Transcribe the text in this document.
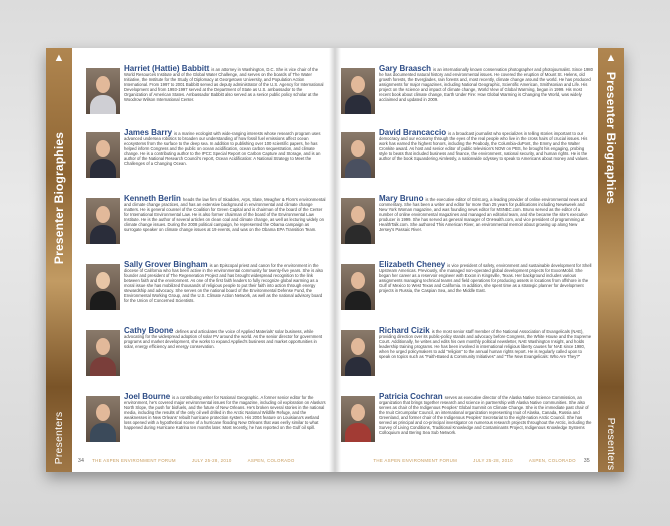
▲
Presenter Biographies
Presenters
Harriet (Hattie) Babbitt is an attorney in Washington, D.C. She is vice chair of the World Resources Institute and of the Global Water Challenge, and serves on the boards of The Water Initiative, the Institute for the Study of Diplomacy at Georgetown University, and Population Action International. From 1997 to 2001 Babbitt served as deputy administrator of the U.S. Agency for International Development and from 1993-1997 served at the Department of State as U.S. ambassador to the Organization of American States. Ambassador Babbitt also served as a senior public policy scholar at the Woodrow Wilson International Center.
James Barry is a marine ecologist with wide-ranging interests whose research program uses advanced undersea robotics to broaden our understanding of how fossil fuel emissions affect ocean ecosystems from the surface to the deep sea. In addition to publishing over 100 scientific papers, he has helped inform Congress and the public on ocean acidification, ocean carbon sequestration, and climate change. He is a contributing author to the IPCC Special Report on Carbon Capture and Storage, and is an author of the National Research Council's report, Ocean Acidification: A National Strategy to Meet the Challenges of a Changing Ocean.
Kenneth Berlin heads the law firm of Skadden, Arps, Slate, Meagher & Flom's environmental and climate change practices, and has an extensive background in environmental and climate change matters. He is general counsel of the Coalition for Green Capital and is chairman of the board of the Center for International Environmental Law. He is also former chairman of the board of the Environmental Law Institute. He is the author of several articles on clean coal and climate change, as well as lecturing widely on climate change issues. During the 2008 political campaign, he represented the Obama campaign as surrogate speaker on climate change issues at 19 events, and was on the Obama EPA Transition Team.
Sally Grover Bingham is an Episcopal priest and canon for the environment in the diocese of California who has been active in the environmental community for twenty-five years. She is also founder and president of The Regeneration Project and has brought widespread recognition to the link between faith and the environment. As one of the first faith leaders to fully recognize global warming as a moral issue she has mobilized thousands of religious people to put their faith into action through energy stewardship and advocacy. She serves on the national board of the Environmental Defense Fund, the Environmental Working Group, and the U.S. Climate Action Network, as well as the national advisory board for the Union of Concerned Scientists.
Cathy Boone defines and articulates the voice of Applied Materials' solar business, while advocating for the widespread adoption of solar PV around the world. As the senior director for government programs and market development, she works to expand Applied's business and market opportunities in solar, energy efficiency and energy conservation.
Joel Bourne is a contributing writer for National Geographic. A former senior editor for the environment, he's covered major environmental issues for the magazine, including oil exploration on Alaska's North Slope, the push for biofuels, and the future of New Orleans. He's broken several stories in the national media, including the results of the only oil well drilled in the Arctic National Wildlife Refuge, and the weaknesses in New Orleans' rebuilt hurricane protection system. His 2004 feature on Louisiana's wetland loss opened with a hypothetical scene of a hurricane flooding New Orleans that was eerily similar to what happened during Hurricane Katrina ten months later. Most recently, he has reported on the Gulf oil spill.
34 THE ASPEN ENVIRONMENT FORUM	JULY 25-28, 2010	ASPEN, COLORADO
▲
Presenter Biographies
Presenters
Gary Braasch is an internationally known conservation photographer and photojournalist. Since 1980 he has documented natural history and environmental issues. He covered the eruption of Mount St. Helens, old growth forests, the Everglades, rain forests and, most recently, climate change around the world. He has produced assignments for major magazines, including National Geographic, Scientific American, Smithsonian and Life. His project on the science and impact of climate change, World View of Global Warming, began in 1999. His most recent book about climate change, Earth Under Fire: How Global Warming is Changing the World, was widely acclaimed and updated in 2009.
David Brancaccio is a broadcast journalist who specializes in telling stories important to our democracy and our economy through the eyes of the real people who live in the cross hairs of crucial issues. His work has earned the highest honors, including the Peabody, the Columbia-duPont, the Emmy and the Walter Cronkite award. As host and senior editor of public television's NOW on PBS, he brought his engaging, probing style to beats that included business and finance, the environment, national security, and human rights. He is the author of the book Squandering Aimlessly, a nationwide odyssey to speak to Americans about money and values.
Mary Bruno is the executive editor of Grist.org, a leading provider of online environmental news and commentary. She has been a writer and editor for more than 25 years for publications including Newsweek and New York Woman magazine, and was founding news editor for MSNBC.com. Bruno served as the editor of a number of online environmental magazines and managed an editorial team, and she became the site's executive producer in 1999. She has served as general manager of OnHealth.com, and vice president of programming at HealthTalk.com. She authored This American River, an environmental memoir about growing up along New Jersey's Passaic River.
Elizabeth Cheney is vice president of safety, environment and sustainable development for Shell Upstream Americas. Previously, she managed non-operated global development projects for ExxonMobil. She began her career as a reservoir engineer with Exxon in Kingsville, Texas. Her background includes various assignments managing technical teams and field operations for producing assets in locations from offshore in the Gulf of Mexico to West Texas and California. In addition, she spent time as a strategic planner for development projects in Russia, the Caspian Sea, and the Middle East.
Richard Cizik is the most senior staff member of the National Association of Evangelicals (NAE), providing direction over its public-policy stands and advocacy before Congress, the White House and the Supreme Court. Additionally, he writes and edits his own monthly political newsletter, NAE Washington Insight, and holds leadership training programs. He has been involved in international religious liberty causes for NAE since 1980, when he urged policymakers to add "religion" to the annual human rights report. He is regularly called upon to speak on topics such as "Faith-Based & Community Initiatives" and "The New Evangelicals: Who Are They?"
Patricia Cochran serves as executive director of the Alaska Native Science Commission, an organization that brings together research and science in partnership with Alaska Native communities. She also serves as chair of the Indigenous Peoples' Global Summit on Climate Change. She is the immediate past chair of the Inuit Circumpolar Council, an international organization representing Inuit of Alaska, Canada, Russia and Greenland, and former chair of the Indigenous Peoples' Secretariat to the eight-nation Arctic Council. She has served as principal and co-principal investigator on numerous research projects throughout the Arctic, including the Survey of Living Conditions, Traditional Knowledge and Contaminants Project, Indigenous Knowledge Systems Colloquium and Bering Sea Sub Network.
THE ASPEN ENVIRONMENT FORUM	JULY 25-28, 2010	ASPEN, COLORADO 35
